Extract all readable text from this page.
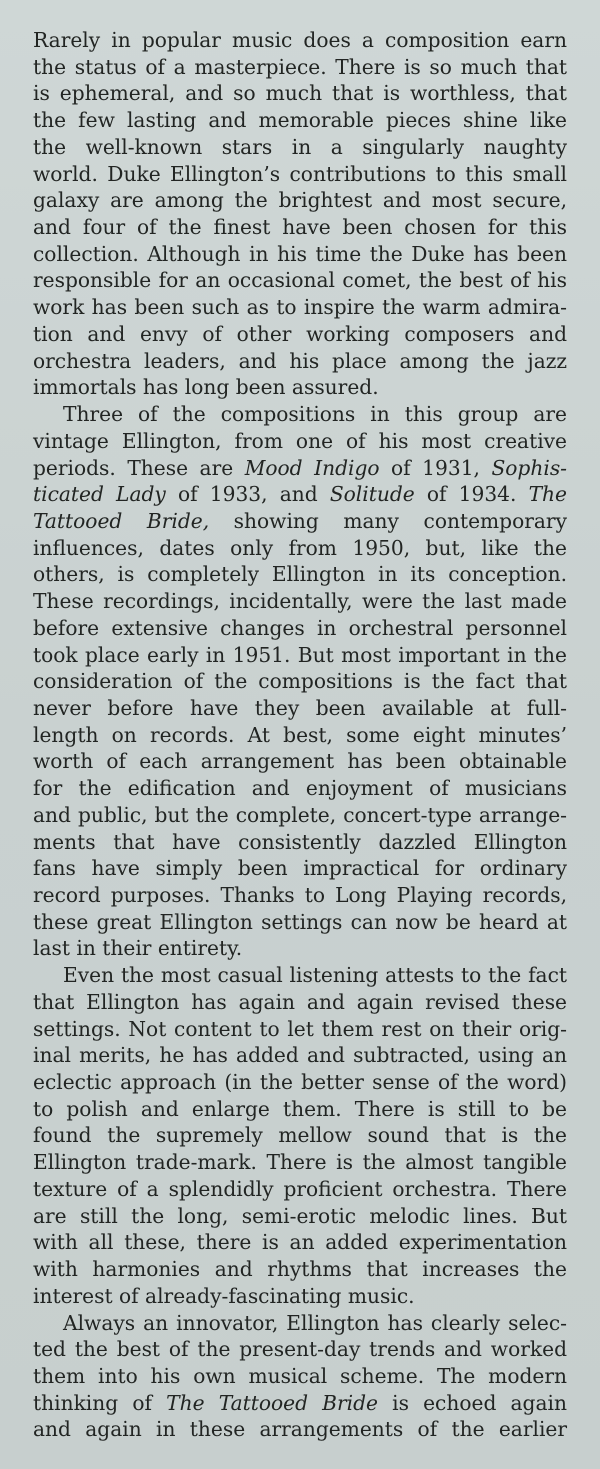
Rarely in popular music does a composition earn
the status of a masterpiece. There is so much that
is ephemeral, and so much that is worthless, that
the few lasting and memorable pieces shine like
the well-known stars in a singularly naughty
world. Duke Ellington’s contributions to this small
galaxy are among the brightest and most secure,
and four of the finest have been chosen for this
collection. Although in his time the Duke has been
responsible for an occasional comet, the best of his
work has been such as to inspire the warm admira-
tion and envy of other working composers and
orchestra leaders, and his place among the jazz
immortals has long been assured.
Three of the compositions in this group are
vintage Ellington, from one of his most creative
periods. These are Mood Indigo of 1931, Sophis-
ticated Lady of 1933, and Solitude of 1934. The
Tattooed Bride, showing many contemporary
influences, dates only from 1950, but, like the
others, is completely Ellington in its conception.
These recordings, incidentally, were the last made
before extensive changes in orchestral personnel
took place early in 1951. But most important in the
consideration of the compositions is the fact that
never before have they been available at full-
length on records. At best, some eight minutes’
worth of each arrangement has been obtainable
for the edification and enjoyment of musicians
and public, but the complete, concert-type arrange-
ments that have consistently dazzled Ellington
fans have simply been impractical for ordinary
record purposes. Thanks to Long Playing records,
these great Ellington settings can now be heard at
last in their entirety.
Even the most casual listening attests to the fact
that Ellington has again and again revised these
settings. Not content to let them rest on their orig-
inal merits, he has added and subtracted, using an
eclectic approach (in the better sense of the word)
to polish and enlarge them. There is still to be
found the supremely mellow sound that is the
Ellington trade-mark. There is the almost tangible
texture of a splendidly proficient orchestra. There
are still the long, semi-erotic melodic lines. But
with all these, there is an added experimentation
with harmonies and rhythms that increases the
interest of already-fascinating music.
Always an innovator, Ellington has clearly selec-
ted the best of the present-day trends and worked
them into his own musical scheme. The modern
thinking of The Tattooed Bride is echoed again
and again in these arrangements of the earlier
